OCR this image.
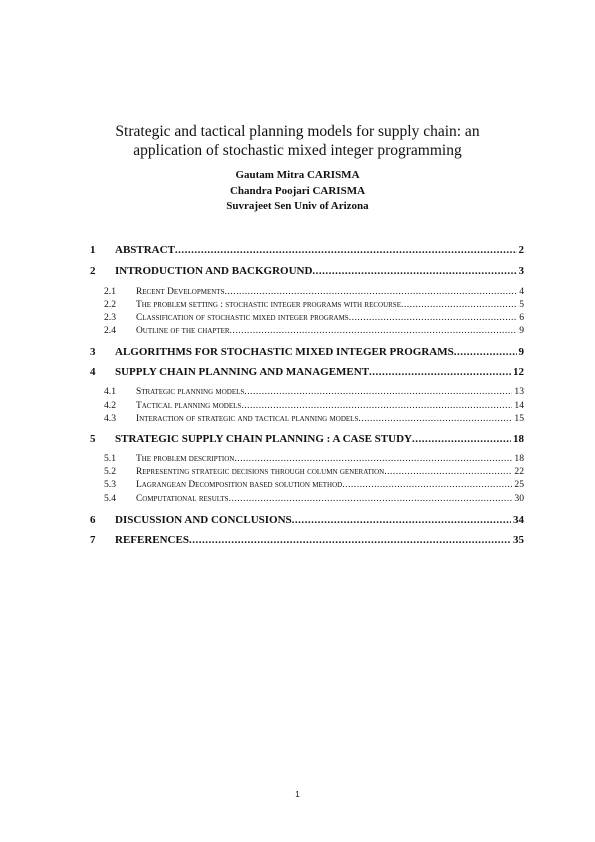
Strategic and tactical planning models for supply chain: an
application of stochastic mixed integer programming
Gautam Mitra CARISMA
Chandra Poojari CARISMA
Suvrajeet Sen Univ of Arizona
1 ABSTRACT .....	2
2 INTRODUCTION AND BACKGROUND .....	3
2.1 Recent Developments .....	4
2.2 The problem setting : stochastic integer programs with recourse .....	5
2.3 Classification of stochastic mixed integer programs .....	6
2.4 Outline of the chapter .....	9
3 ALGORITHMS FOR STOCHASTIC MIXED INTEGER PROGRAMS .....	9
4 SUPPLY CHAIN PLANNING AND MANAGEMENT .....	12
4.1 Strategic planning models .....	13
4.2 Tactical planning models .....	14
4.3 Interaction of strategic and tactical planning models .....	15
5 STRATEGIC SUPPLY CHAIN PLANNING : A CASE STUDY .....	18
5.1 The problem description .....	18
5.2 Representing strategic decisions through column generation .....	22
5.3 Lagrangean Decomposition based solution method .....	25
5.4 Computational results .....	30
6 DISCUSSION AND CONCLUSIONS .....	34
7 REFERENCES .....	35
1
